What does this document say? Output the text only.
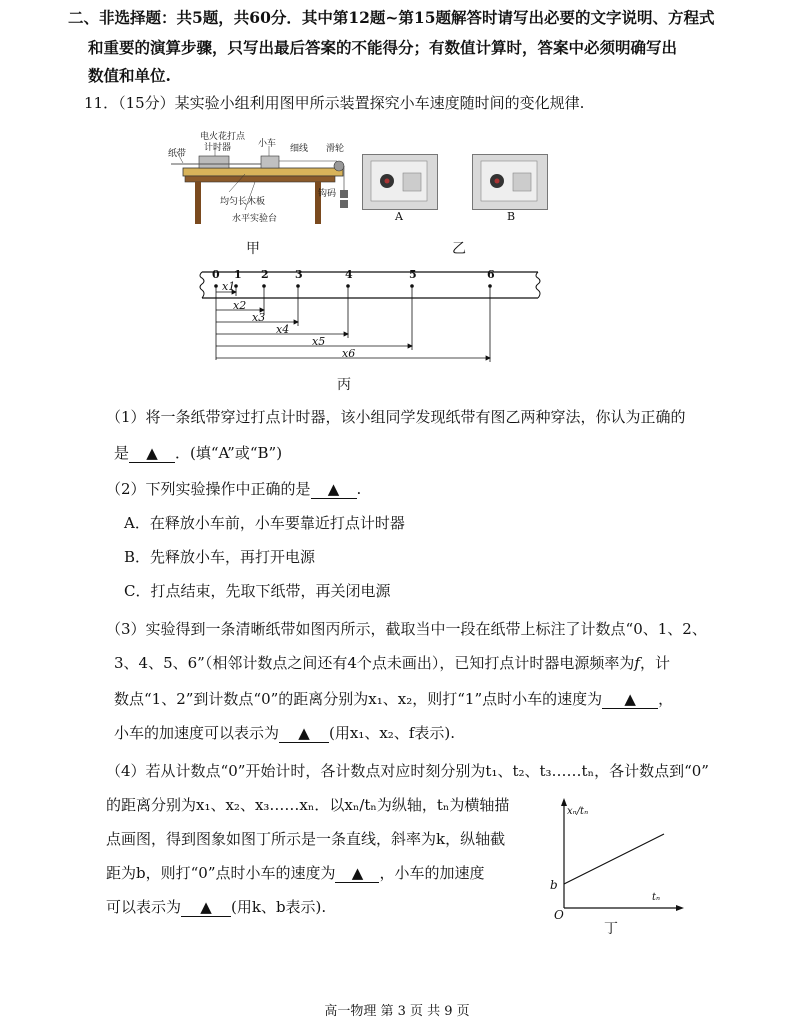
二、非选择题：共5题，共60分．其中第12题~第15题解答时请写出必要的文字说明、方程式
和重要的演算步骤，只写出最后答案的不能得分；有数值计算时，答案中必须明确写出
数值和单位.
11．（15分）某实验小组利用图甲所示装置探究小车速度随时间的变化规律.
纸带
电火花打点
计时器	小车 细线 滑轮
钩码
均匀长木板
水平实验台
甲
A	B
乙
0 1 2 3	4	5	6
x1
x2
x3
x4
x5
x6
丙
（1）将一条纸带穿过打点计时器，该小组同学发现纸带有图乙两种穿法，你认为正确的
是 ▲ ．(填“A”或“B”)
（2）下列实验操作中正确的是 ▲ .
A．在释放小车前，小车要靠近打点计时器
B．先释放小车，再打开电源
C．打点结束，先取下纸带，再关闭电源
（3）实验得到一条清晰纸带如图丙所示，截取当中一段在纸带上标注了计数点“0、1、2、
3、4、5、6”（相邻计数点之间还有4个点未画出），已知打点计时器电源频率为f，计
数点“1、2”到计数点“0”的距离分别为x₁、x₂，则打“1”点时小车的速度为 ▲ ，
小车的加速度可以表示为 ▲ (用x₁、x₂、f表示).
（4）若从计数点“0”开始计时，各计数点对应时刻分别为t₁、t₂、t₃……tₙ，各计数点到“0”
的距离分别为x₁、x₂、x₃……xₙ．以xₙ/tₙ为纵轴，tₙ为横轴描
点画图，得到图象如图丁所示是一条直线，斜率为k，纵轴截
距为b，则打“0”点时小车的速度为 ▲ ，小车的加速度
可以表示为 ▲ (用k、b表示).
xₙ/tₙ
tₙ
b
O
丁
高一物理 第 3 页 共 9 页
